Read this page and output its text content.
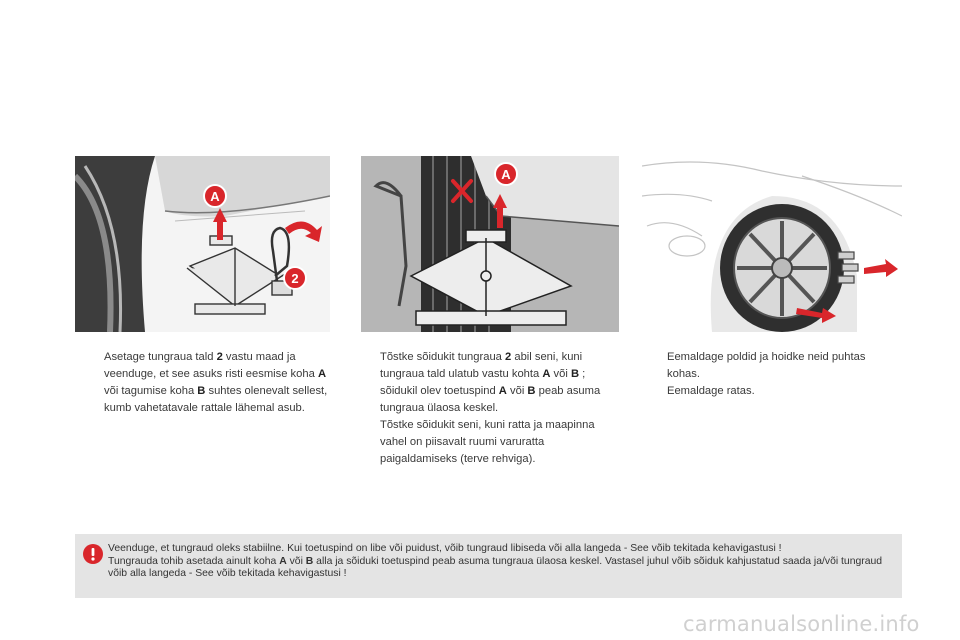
A
2
A

Asetage tungraua tald 2 vastu maad ja veenduge, et see asuks risti eesmise koha A või tagumise koha B suhtes olenevalt sellest, kumb vahetatavale rattale lähemal asub.

Tõstke sõidukit tungraua 2 abil seni, kuni tungraua tald ulatub vastu kohta A või B ; sõidukil olev toetuspind A või B peab asuma tungraua ülaosa keskel.

Tõstke sõidukit seni, kuni ratta ja maapinna vahel on piisavalt ruumi varuratta paigaldamiseks (terve rehviga).

Eemaldage poldid ja hoidke neid puhtas kohas.

Eemaldage ratas.

Veenduge, et tungraud oleks stabiilne. Kui toetuspind on libe või puidust, võib tungraud libiseda või alla langeda - See võib tekitada kehavigastusi !
Tungrauda tohib asetada ainult koha A või B alla ja sõiduki toetuspind peab asuma tungraua ülaosa keskel. Vastasel juhul võib sõiduk kahjustatud saada ja/või tungraud võib alla langeda - See võib tekitada kehavigastusi !
carmanualsonline.info
